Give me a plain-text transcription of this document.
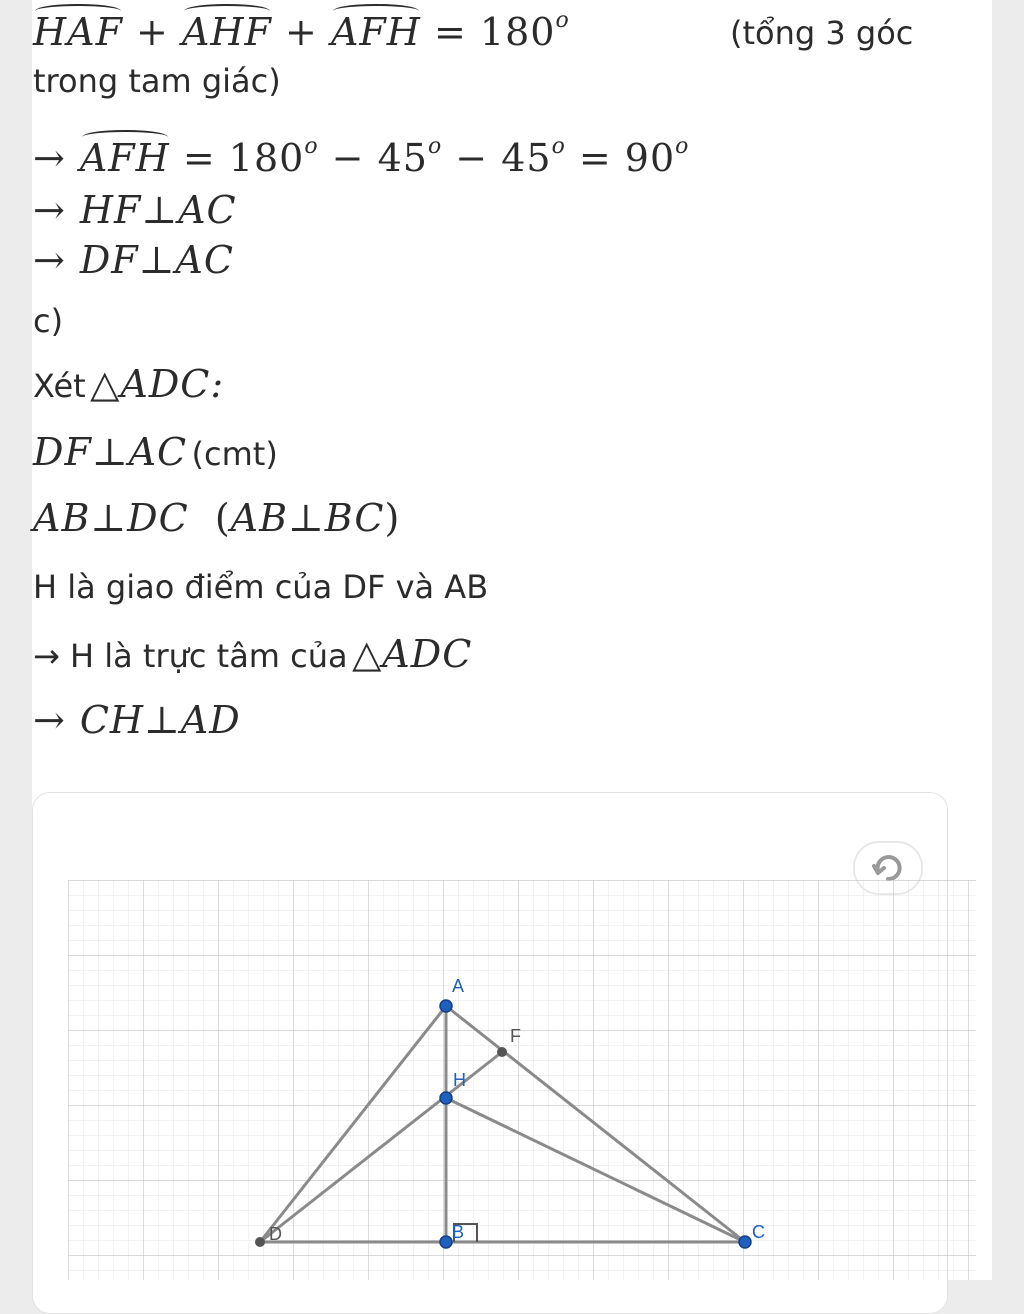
HAF + AHF + AFH = $180^o$	(tổng 3 góc
trong tam giác)
→ AFH = $180^o - 45^o - 45^o = 90^o$
→ HF⊥AC
→ DF⊥AC
c)
Xét △ADC:
DF⊥AC (cmt)
AB⊥DC  (AB⊥BC)
H là giao điểm của DF và AB
→ H là trực tâm của △ADC
→ CH⊥AD
A
F
H
D	B	C
